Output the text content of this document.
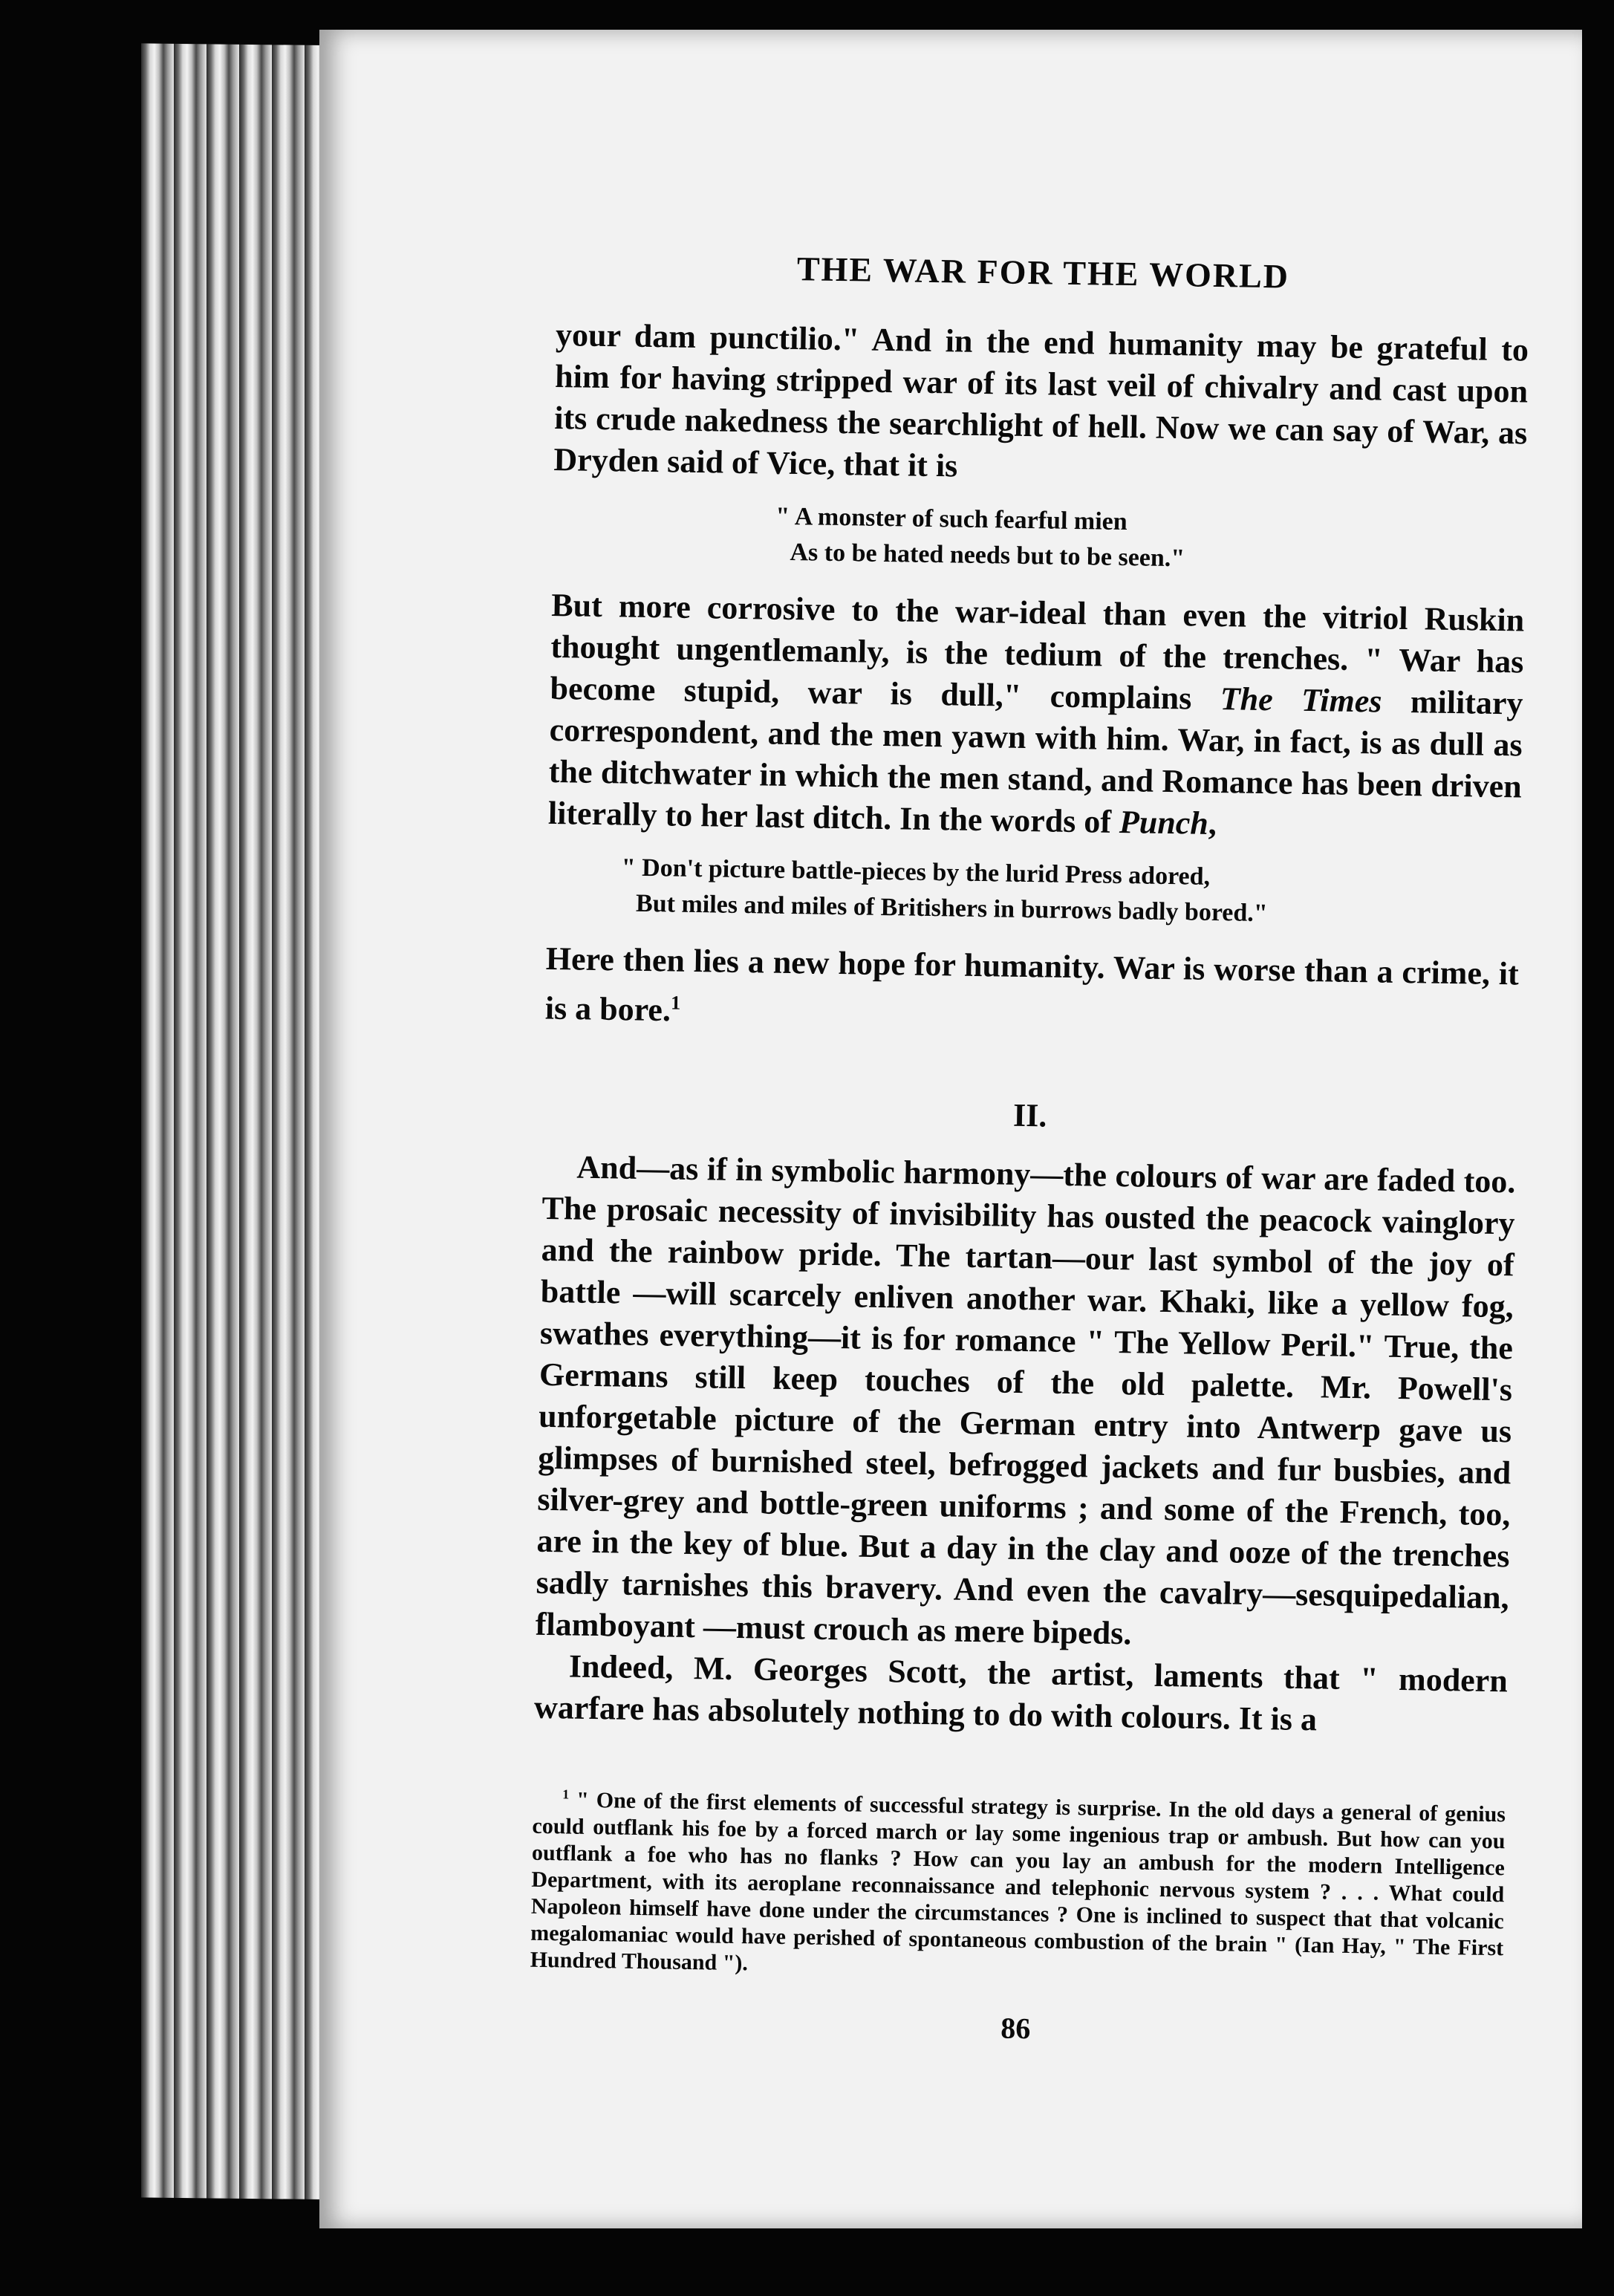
THE WAR FOR THE WORLD

your dam punctilio." And in the end humanity may be grateful to him for having stripped war of its last veil of chivalry and cast upon its crude nakedness the searchlight of hell. Now we can say of War, as Dryden said of Vice, that it is

" A monster of such fearful mien
As to be hated needs but to be seen."

But more corrosive to the war-ideal than even the vitriol Ruskin thought ungentlemanly, is the tedium of the trenches. " War has become stupid, war is dull," complains The Times military correspondent, and the men yawn with him. War, in fact, is as dull as the ditchwater in which the men stand, and Romance has been driven literally to her last ditch. In the words of Punch,

" Don't picture battle-pieces by the lurid Press adored,
But miles and miles of Britishers in burrows badly bored."

Here then lies a new hope for humanity. War is worse than a crime, it is a bore.$^1$

II.

And—as if in symbolic harmony—the colours of war are faded too. The prosaic necessity of invisibility has ousted the peacock vainglory and the rainbow pride. The tartan—our last symbol of the joy of battle —will scarcely enliven another war. Khaki, like a yellow fog, swathes everything—it is for romance " The Yellow Peril." True, the Germans still keep touches of the old palette. Mr. Powell's unforgetable picture of the German entry into Antwerp gave us glimpses of burnished steel, befrogged jackets and fur busbies, and silver-grey and bottle-green uniforms ; and some of the French, too, are in the key of blue. But a day in the clay and ooze of the trenches sadly tarnishes this bravery. And even the cavalry—sesquipedalian, flamboyant —must crouch as mere bipeds.

Indeed, M. Georges Scott, the artist, laments that " modern warfare has absolutely nothing to do with colours. It is a

$^1$ " One of the first elements of successful strategy is surprise. In the old days a general of genius could outflank his foe by a forced march or lay some ingenious trap or ambush. But how can you outflank a foe who has no flanks ? How can you lay an ambush for the modern Intelligence Department, with its aeroplane reconnaissance and telephonic nervous system ? . . . What could Napoleon himself have done under the circumstances ? One is inclined to suspect that that volcanic megalomaniac would have perished of spontaneous combustion of the brain " (Ian Hay, " The First Hundred Thousand ").

86
